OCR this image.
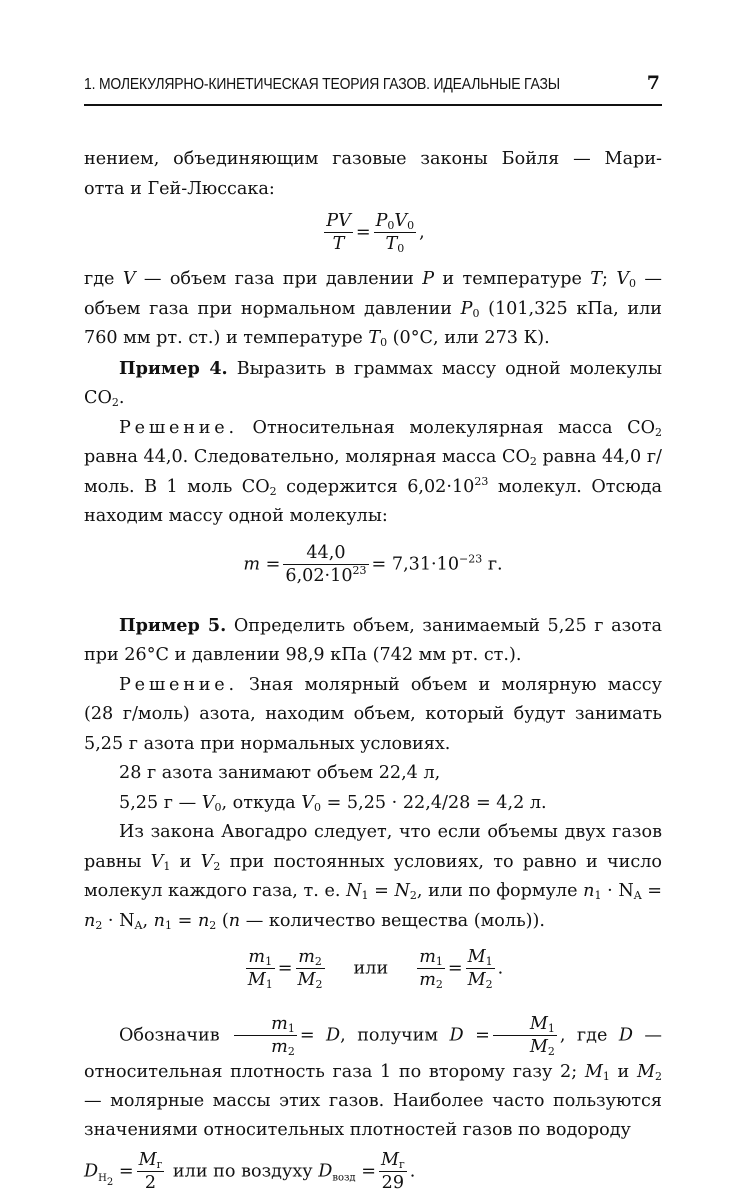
1. МОЛЕКУЛЯРНО-КИНЕТИЧЕСКАЯ ТЕОРИЯ ГАЗОВ. ИДЕАЛЬНЫЕ ГАЗЫ	7

нением, объединяющим газовые законы Бойля — Мари-

отта и Гей-Люссака:

$\frac{PV}{T} = \frac{P_0V_0}{T_0}$ ,

где V — объем газа при давлении P и температуре T; $V_0$ — объем газа при нормальном давлении $P_0$ (101,325 кПа, или 760 мм рт. ст.) и температуре $T_0$ (0°С, или 273 К).

Пример 4. Выразить в граммах массу одной молекулы $CO_2$.

Решение. Относительная молекулярная масса $CO_2$ равна 44,0. Следовательно, молярная масса $CO_2$ равна 44,0 г/моль. В 1 моль $CO_2$ содержится $6,02\cdot 10^{23}$ молекул. Отсюда находим массу одной молекулы:

$m = \frac{44,0}{6,02\cdot 10^{23}} = 7,31\cdot 10^{-23}$ г.

Пример 5. Определить объем, занимаемый 5,25 г азота при 26°С и давлении 98,9 кПа (742 мм рт. ст.).

Решение. Зная молярный объем и молярную массу (28 г/моль) азота, находим объем, который будут занимать 5,25 г азота при нормальных условиях.

28 г азота занимают объем 22,4 л,

5,25 г — $V_0$, откуда $V_0 = 5,25 \cdot 22,4/28 = 4,2$ л.

Из закона Авогадро следует, что если объемы двух газов равны $V_1$ и $V_2$ при постоянных условиях, то равно и число молекул каждого газа, т. е. $N_1 = N_2$, или по формуле $n_1 \cdot N_A = n_2 \cdot N_A$, $n_1 = n_2$ (n — количество вещества (моль)).

$\frac{m_1}{M_1} = \frac{m_2}{M_2}$ или $\frac{m_1}{m_2} = \frac{M_1}{M_2}$ .

Обозначив $\frac{m_1}{m_2} = D$, получим $D = \frac{M_1}{M_2}$ , где D — относительная плотность газа 1 по второму газу 2; $M_1$ и $M_2$ — молярные массы этих газов. Наиболее часто пользуются значениями относительных плотностей газов по водороду

$D_{H_2} = \frac{M_г}{2}$ или по воздуху $D_{возд} = \frac{M_г}{29}$ .
